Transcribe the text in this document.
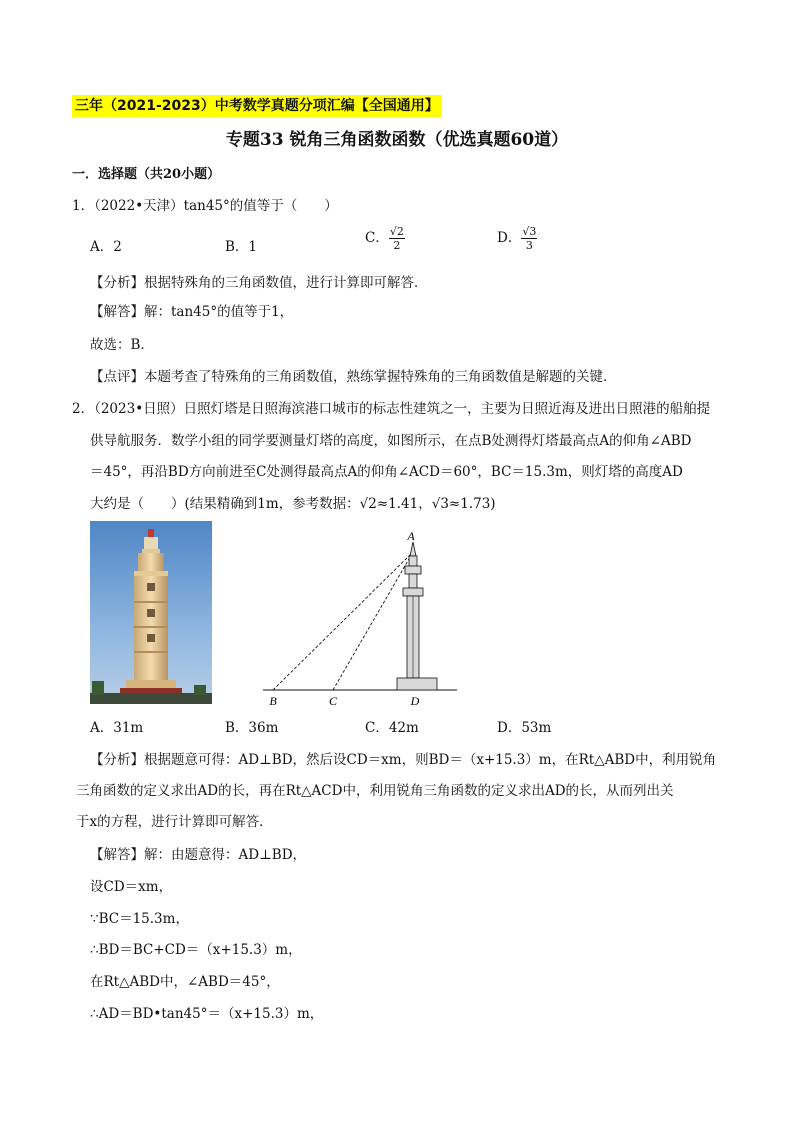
三年（2021-2023）中考数学真题分项汇编【全国通用】
专题33 锐角三角函数函数（优选真题60道）
一．选择题（共20小题）
1．（2022•天津）tan45°的值等于（　　）
A．2	B．1
C． $\frac{√2}{2}$	D． $\frac{√3}{3}$
【分析】根据特殊角的三角函数值，进行计算即可解答．
【解答】解：tan45°的值等于1，
故选：B．
【点评】本题考查了特殊角的三角函数值，熟练掌握特殊角的三角函数值是解题的关键．
2．（2023•日照）日照灯塔是日照海滨港口城市的标志性建筑之一，主要为日照近海及进出日照港的船舶提
供导航服务．数学小组的同学要测量灯塔的高度，如图所示，在点B处测得灯塔最高点A的仰角∠ABD
＝45°，再沿BD方向前进至C处测得最高点A的仰角∠ACD＝60°，BC＝15.3m，则灯塔的高度AD
大约是（　　）(结果精确到1m，参考数据：√2≈1.41，√3≈1.73)
A
B	C	D
A．31m	B．36m	C．42m	D．53m
【分析】根据题意可得：AD⊥BD，然后设CD＝xm，则BD＝（x+15.3）m，在Rt△ABD中，利用锐角
三角函数的定义求出AD的长，再在Rt△ACD中，利用锐角三角函数的定义求出AD的长，从而列出关
于x的方程，进行计算即可解答．
【解答】解：由题意得：AD⊥BD，
设CD＝xm，
∵BC＝15.3m，
∴BD＝BC+CD＝（x+15.3）m，
在Rt△ABD中，∠ABD＝45°，
∴AD＝BD•tan45°＝（x+15.3）m，
